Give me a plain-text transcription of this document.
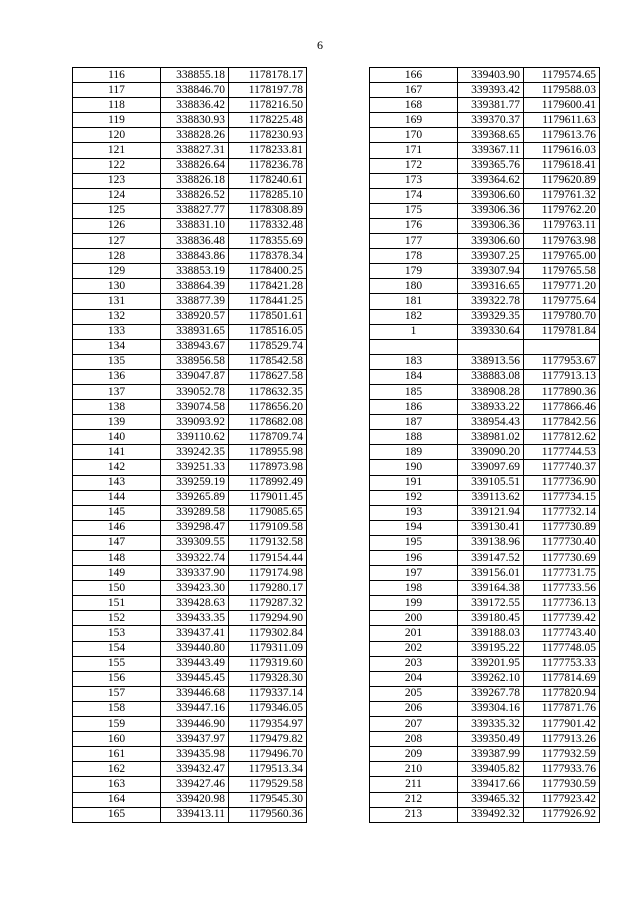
6
116	338855.18	1178178.17
117	338846.70	1178197.78
118	338836.42	1178216.50
119	338830.93	1178225.48
120	338828.26	1178230.93
121	338827.31	1178233.81
122	338826.64	1178236.78
123	338826.18	1178240.61
124	338826.52	1178285.10
125	338827.77	1178308.89
126	338831.10	1178332.48
127	338836.48	1178355.69
128	338843.86	1178378.34
129	338853.19	1178400.25
130	338864.39	1178421.28
131	338877.39	1178441.25
132	338920.57	1178501.61
133	338931.65	1178516.05
134	338943.67	1178529.74
135	338956.58	1178542.58
136	339047.87	1178627.58
137	339052.78	1178632.35
138	339074.58	1178656.20
139	339093.92	1178682.08
140	339110.62	1178709.74
141	339242.35	1178955.98
142	339251.33	1178973.98
143	339259.19	1178992.49
144	339265.89	1179011.45
145	339289.58	1179085.65
146	339298.47	1179109.58
147	339309.55	1179132.58
148	339322.74	1179154.44
149	339337.90	1179174.98
150	339423.30	1179280.17
151	339428.63	1179287.32
152	339433.35	1179294.90
153	339437.41	1179302.84
154	339440.80	1179311.09
155	339443.49	1179319.60
156	339445.45	1179328.30
157	339446.68	1179337.14
158	339447.16	1179346.05
159	339446.90	1179354.97
160	339437.97	1179479.82
161	339435.98	1179496.70
162	339432.47	1179513.34
163	339427.46	1179529.58
164	339420.98	1179545.30
165	339413.11	1179560.36
166	339403.90	1179574.65
167	339393.42	1179588.03
168	339381.77	1179600.41
169	339370.37	1179611.63
170	339368.65	1179613.76
171	339367.11	1179616.03
172	339365.76	1179618.41
173	339364.62	1179620.89
174	339306.60	1179761.32
175	339306.36	1179762.20
176	339306.36	1179763.11
177	339306.60	1179763.98
178	339307.25	1179765.00
179	339307.94	1179765.58
180	339316.65	1179771.20
181	339322.78	1179775.64
182	339329.35	1179780.70
1	339330.64	1179781.84

183	338913.56	1177953.67
184	338883.08	1177913.13
185	338908.28	1177890.36
186	338933.22	1177866.46
187	338954.43	1177842.56
188	338981.02	1177812.62
189	339090.20	1177744.53
190	339097.69	1177740.37
191	339105.51	1177736.90
192	339113.62	1177734.15
193	339121.94	1177732.14
194	339130.41	1177730.89
195	339138.96	1177730.40
196	339147.52	1177730.69
197	339156.01	1177731.75
198	339164.38	1177733.56
199	339172.55	1177736.13
200	339180.45	1177739.42
201	339188.03	1177743.40
202	339195.22	1177748.05
203	339201.95	1177753.33
204	339262.10	1177814.69
205	339267.78	1177820.94
206	339304.16	1177871.76
207	339335.32	1177901.42
208	339350.49	1177913.26
209	339387.99	1177932.59
210	339405.82	1177933.76
211	339417.66	1177930.59
212	339465.32	1177923.42
213	339492.32	1177926.92
